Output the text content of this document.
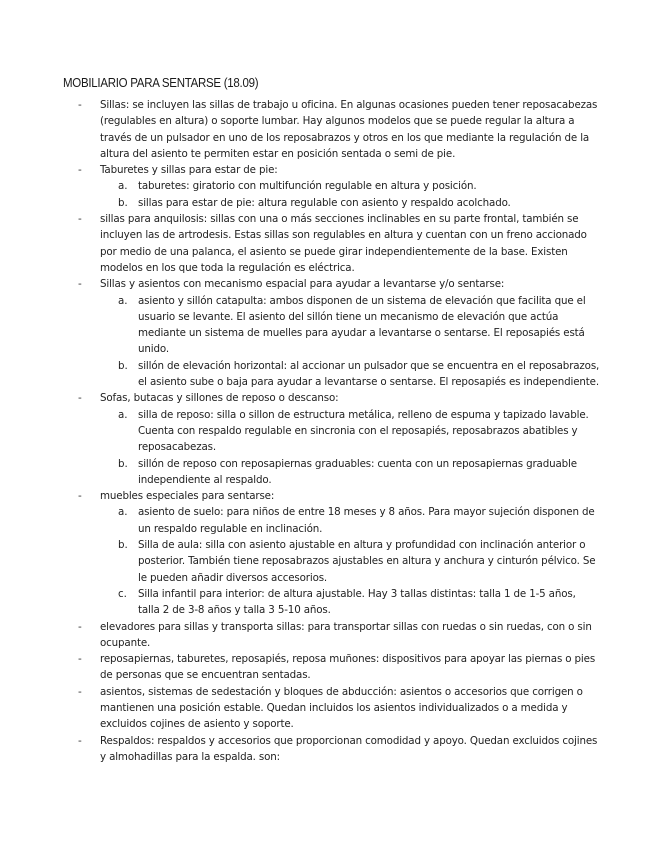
MOBILIARIO PARA SENTARSE (18.09)
- Sillas: se incluyen las sillas de trabajo u oficina. En algunas ocasiones pueden tener reposacabezas (regulables en altura) o soporte lumbar. Hay algunos modelos que se puede regular la altura a través de un pulsador en uno de los reposabrazos y otros en los que mediante la regulación de la altura del asiento te permiten estar en posición sentada o semi de pie.
- Taburetes y sillas para estar de pie:
a.	taburetes: giratorio con multifunción regulable en altura y posición.
b. sillas para estar de pie: altura regulable con asiento y respaldo acolchado.
- sillas para anquilosis: sillas con una o más secciones inclinables en su parte frontal, también se incluyen las de artrodesis. Estas sillas son regulables en altura y cuentan con un freno accionado por medio de una palanca, el asiento se puede girar independientemente de la base. Existen modelos en los que toda la regulación es eléctrica.
- Sillas y asientos con mecanismo espacial para ayudar a levantarse y/o sentarse:
a.	asiento y sillón catapulta: ambos disponen de un sistema de elevación que facilita que el usuario se levante. El asiento del sillón tiene un mecanismo de elevación que actúa mediante un sistema de muelles para ayudar a levantarse o sentarse. El reposapiés está unido.
b. sillón de elevación horizontal: al accionar un pulsador que se encuentra en el reposabrazos, el asiento sube o baja para ayudar a levantarse o sentarse. El reposapiés es independiente.
- Sofas, butacas y sillones de reposo o descanso:
a.	silla de reposo: silla o sillon de estructura metálica, relleno de espuma y tapizado lavable. Cuenta con respaldo regulable en sincronia con el reposapiés, reposabrazos abatibles y reposacabezas.
b. sillón de reposo con reposapiernas graduables: cuenta con un reposapiernas graduable independiente al respaldo.
- muebles especiales para sentarse:
a.	asiento de suelo: para niños de entre 18 meses y 8 años. Para mayor sujeción disponen de un respaldo regulable en inclinación.
b. Silla de aula: silla con asiento ajustable en altura y profundidad con inclinación anterior o posterior. También tiene reposabrazos ajustables en altura y anchura y cinturón pélvico. Se le pueden añadir diversos accesorios.
c.	Silla infantil para interior: de altura ajustable. Hay 3 tallas distintas: talla 1 de 1-5 años, talla 2 de 3-8 años y talla 3 5-10 años.
- elevadores para sillas y transporta sillas: para transportar sillas con ruedas o sin ruedas, con o sin ocupante.
- reposapiernas, taburetes, reposapiés, reposa muñones: dispositivos para apoyar las piernas o pies de personas que se encuentran sentadas.
- asientos, sistemas de sedestación y bloques de abducción: asientos o accesorios que corrigen o mantienen una posición estable. Quedan incluidos los asientos individualizados o a medida y excluidos cojines de asiento y soporte.
- Respaldos: respaldos y accesorios que proporcionan comodidad y apoyo. Quedan excluidos cojines y almohadillas para la espalda. son:
